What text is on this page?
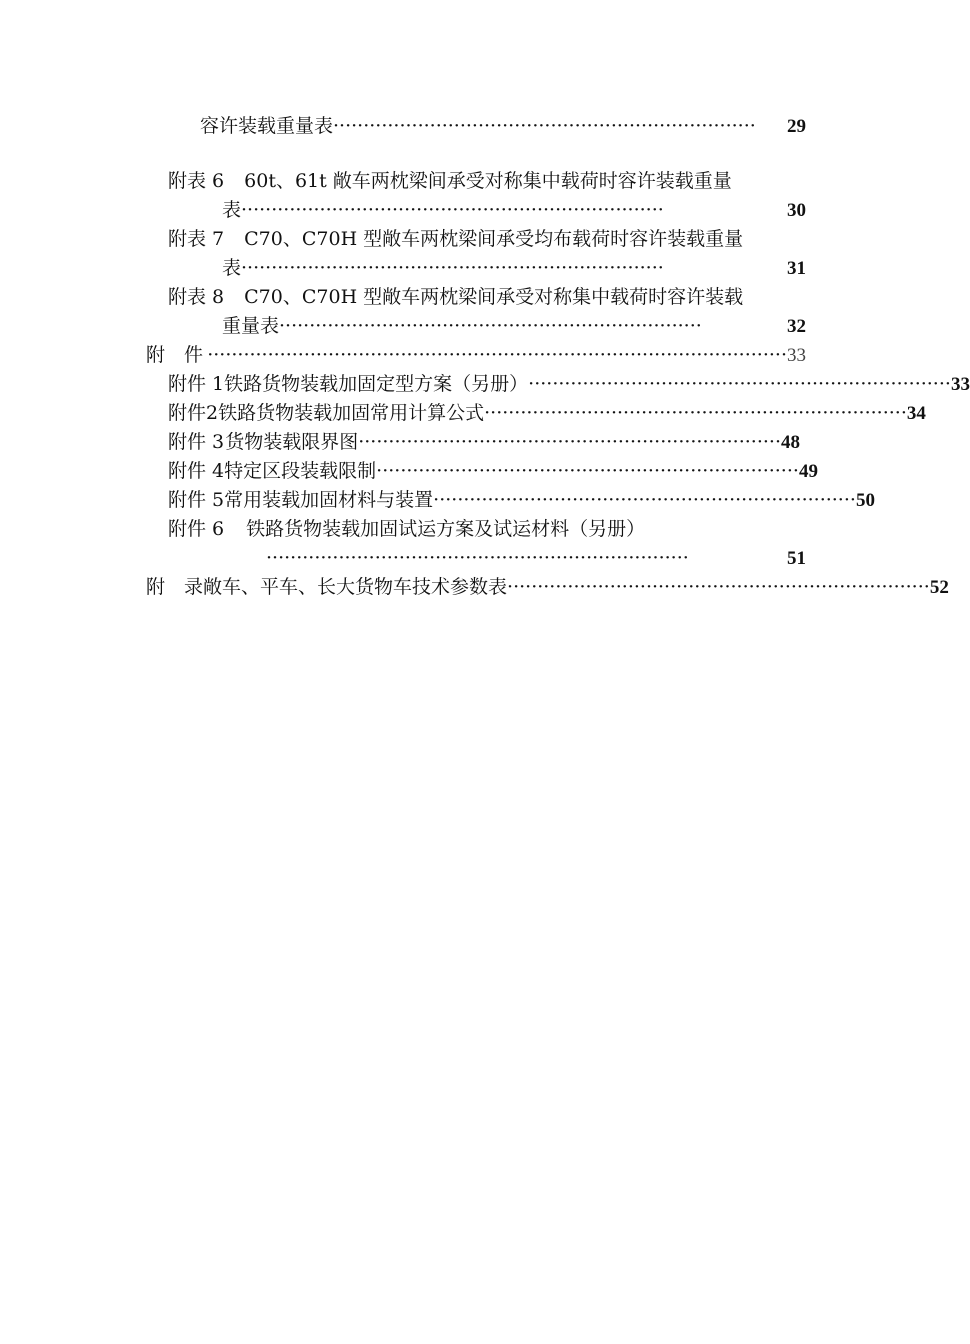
容许装载重量表 ······································································	29
附表 6 60t、61t 敞车两枕梁间承受对称集中载荷时容许装载重量
表 ······································································	30
附表 7 C70、C70H 型敞车两枕梁间承受均布载荷时容许装载重量
表 ······································································	31
附表 8 C70、C70H 型敞车两枕梁间承受对称集中载荷时容许装载
重量表 ······································································	32
附　件 ································································································ 33
附件 1 铁路货物装载加固定型方案（另册） ······································································ 33
附件2 铁路货物装载加固常用计算公式 ······································································ 34
附件 3 货物装载限界图 ······································································ 48
附件 4 特定区段装载限制 ······································································ 49
附件 5 常用装载加固材料与装置 ······································································ 50
附件 6 铁路货物装载加固试运方案及试运材料（另册）
······································································	51
附　录 敞车、平车、长大货物车技术参数表 ······································································ 52
